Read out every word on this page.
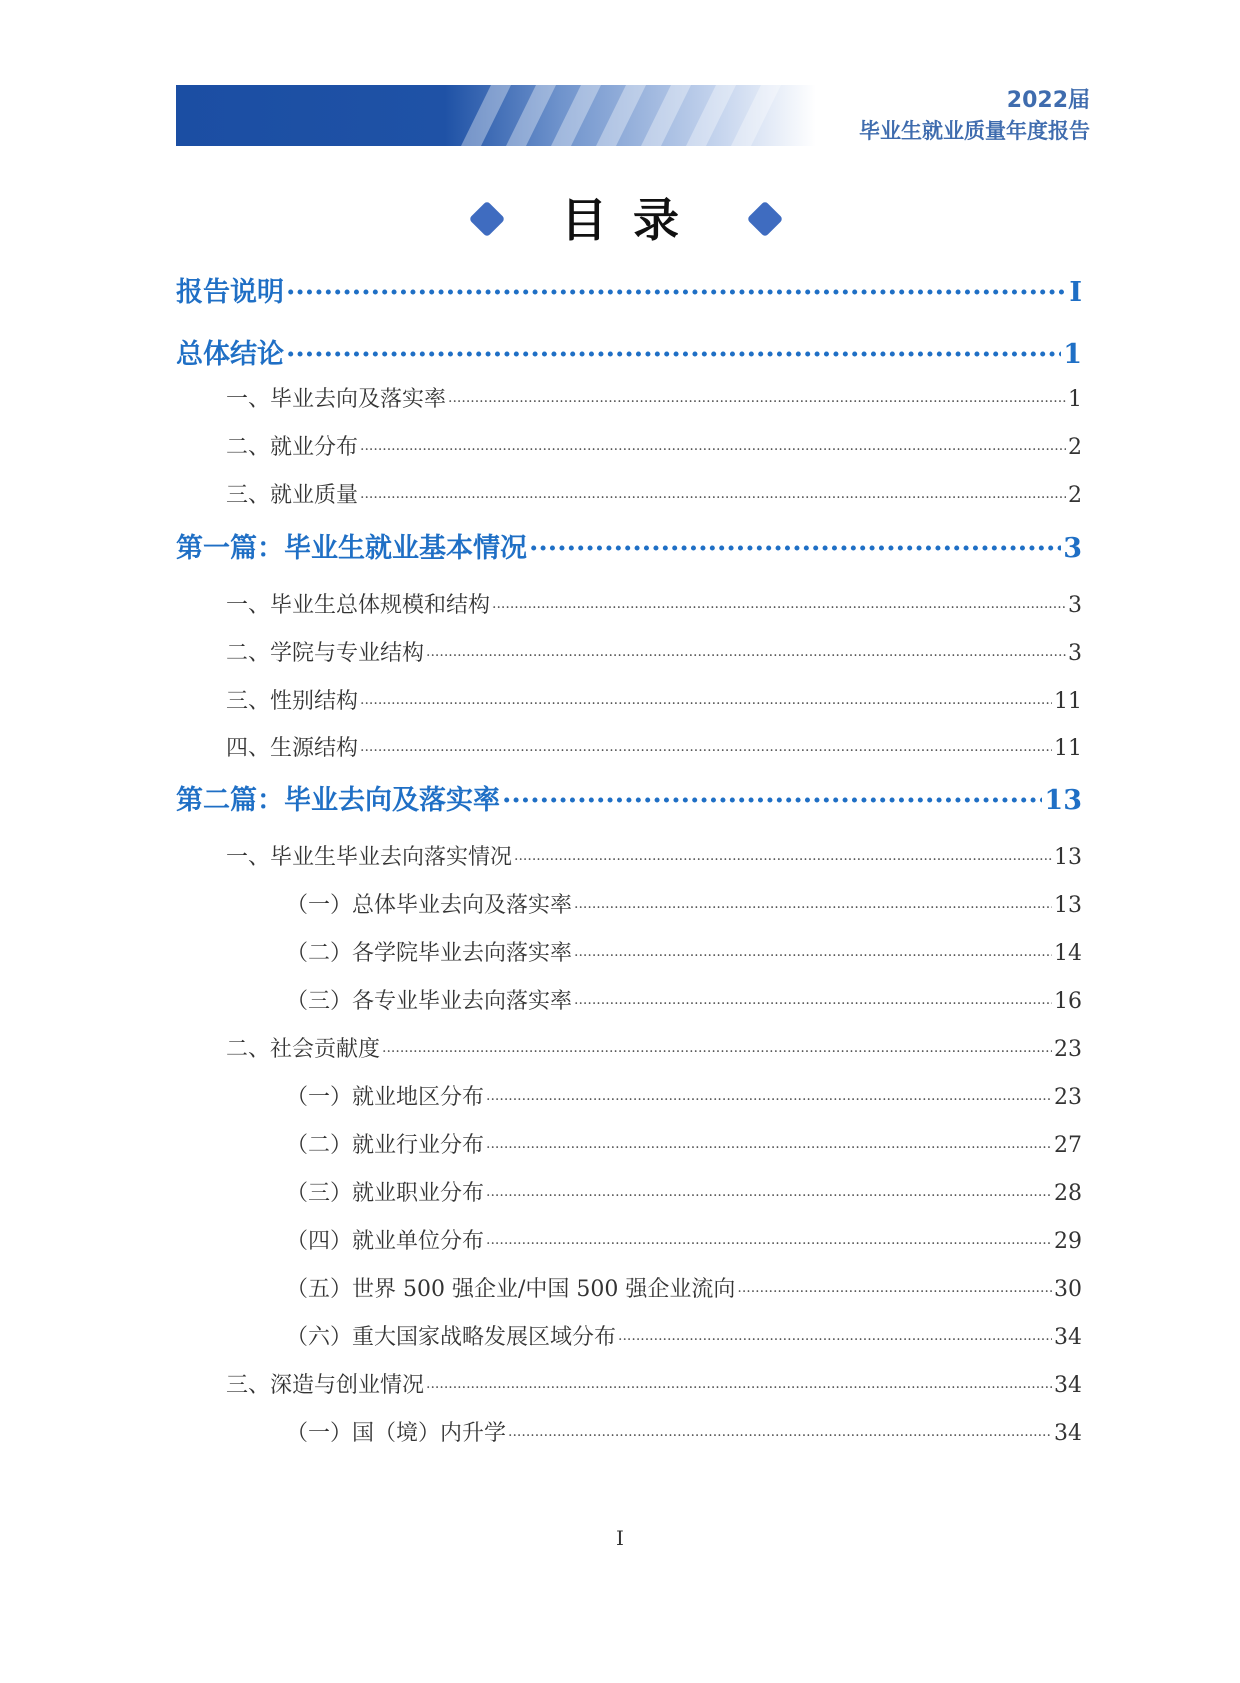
2022届
毕业生就业质量年度报告
目录
报告说明 .....	I
总体结论 .....	1
一、毕业去向及落实率 .....	1
二、就业分布 .....	2
三、就业质量 .....	2
第一篇：毕业生就业基本情况 .....	3
一、毕业生总体规模和结构 .....	3
二、学院与专业结构 .....	3
三、性别结构 .....	11
四、生源结构 .....	11
第二篇：毕业去向及落实率 .....	13
一、毕业生毕业去向落实情况 .....	13
（一）总体毕业去向及落实率 .....	13
（二）各学院毕业去向落实率 .....	14
（三）各专业毕业去向落实率 .....	16
二、社会贡献度 .....	23
（一）就业地区分布 .....	23
（二）就业行业分布 .....	27
（三）就业职业分布 .....	28
（四）就业单位分布 .....	29
（五）世界 500 强企业/中国 500 强企业流向 .....	30
（六）重大国家战略发展区域分布 .....	34
三、深造与创业情况 .....	34
（一）国（境）内升学 .....	34
I
